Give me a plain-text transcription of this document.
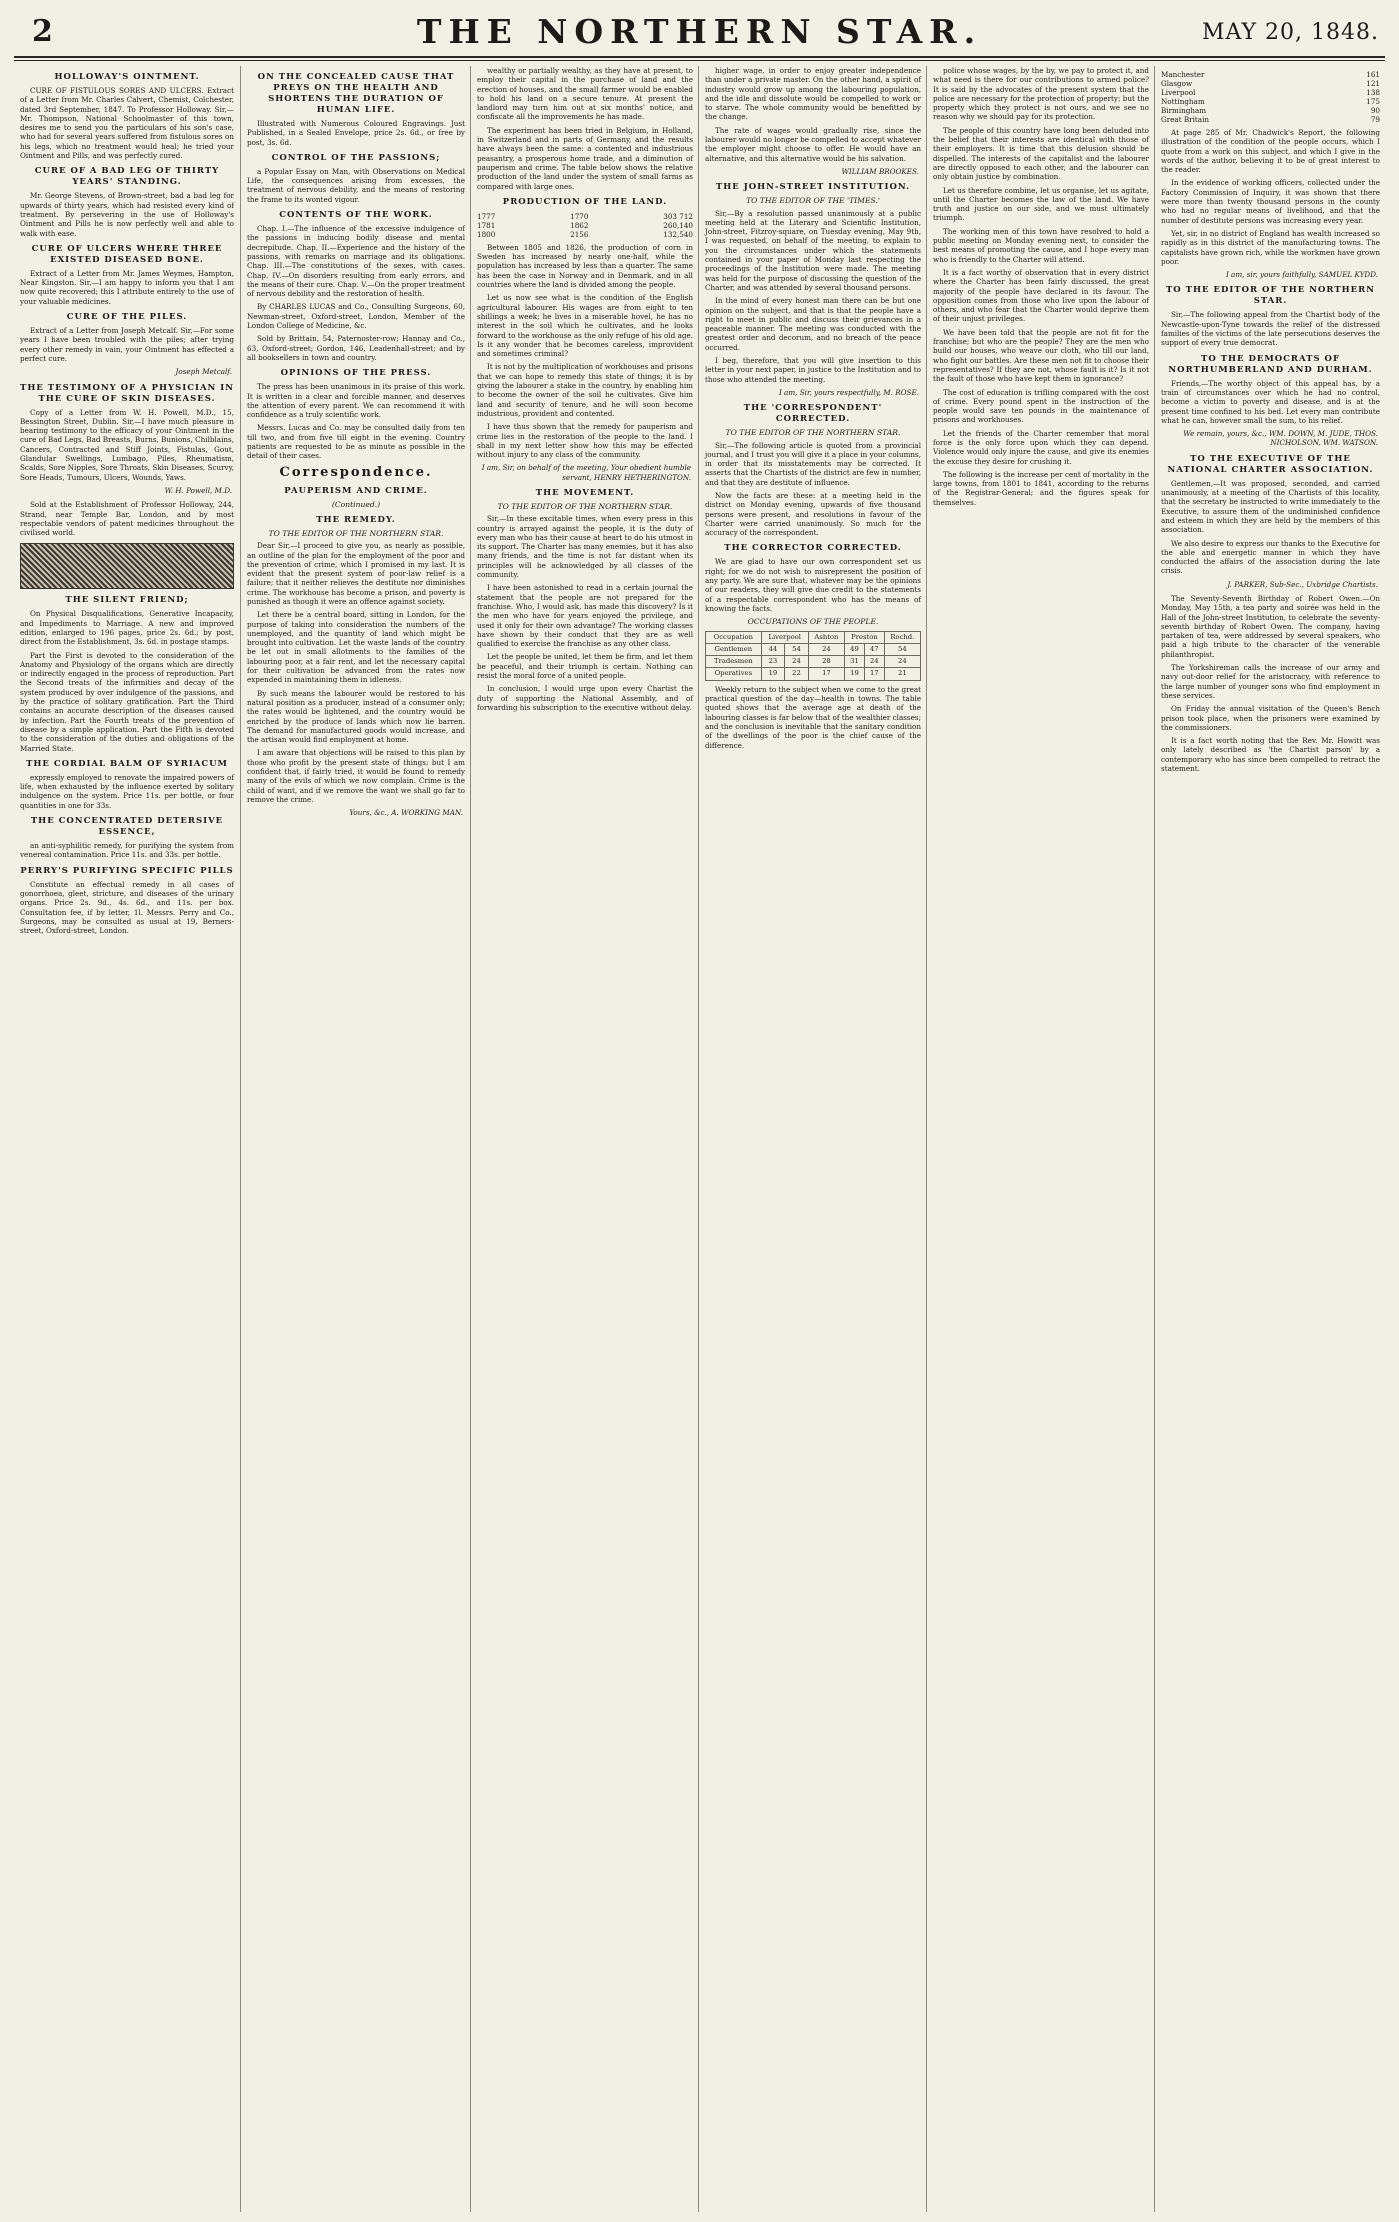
2	THE NORTHERN STAR.	MAY 20, 1848.
HOLLOWAY'S OINTMENT.

CURE OF FISTULOUS SORES AND ULCERS. Extract of a Letter from Mr. Charles Calvert, Chemist, Colchester, dated 3rd September, 1847. To Professor Holloway. Sir,—Mr. Thompson, National Schoolmaster of this town, desires me to send you the particulars of his son's case, who had for several years suffered from fistulous sores on his legs, which no treatment would heal; he tried your Ointment and Pills, and was perfectly cured.

CURE OF A BAD LEG OF THIRTY YEARS' STANDING.

Mr. George Stevens, of Brown-street, bad a bad leg for upwards of thirty years, which had resisted every kind of treatment. By persevering in the use of Holloway's Ointment and Pills he is now perfectly well and able to walk with ease.

CURE OF ULCERS WHERE THREE EXISTED DISEASED BONE.

Extract of a Letter from Mr. James Weymes, Hampton, Near Kingston. Sir,—I am happy to inform you that I am now quite recovered; this I attribute entirely to the use of your valuable medicines.

CURE OF THE PILES.

Extract of a Letter from Joseph Metcalf. Sir,—For some years I have been troubled with the piles; after trying every other remedy in vain, your Ointment has effected a perfect cure.

Joseph Metcalf.
THE TESTIMONY OF A PHYSICIAN IN THE CURE OF SKIN DISEASES.

Copy of a Letter from W. H. Powell, M.D., 15, Bessington Street, Dublin. Sir,—I have much pleasure in bearing testimony to the efficacy of your Ointment in the cure of Bad Legs, Bad Breasts, Burns, Bunions, Chilblains, Cancers, Contracted and Stiff Joints, Fistulas, Gout, Glandular Swellings, Lumbago, Piles, Rheumatism, Scalds, Sore Nipples, Sore Throats, Skin Diseases, Scurvy, Sore Heads, Tumours, Ulcers, Wounds, Yaws.

W. H. Powell, M.D.

Sold at the Establishment of Professor Holloway, 244, Strand, near Temple Bar, London, and by most respectable vendors of patent medicines throughout the civilised world.

THE SILENT FRIEND;

On Physical Disqualifications, Generative Incapacity, and Impediments to Marriage. A new and improved edition, enlarged to 196 pages, price 2s. 6d.; by post, direct from the Establishment, 3s. 6d. in postage stamps.

Part the First is devoted to the consideration of the Anatomy and Physiology of the organs which are directly or indirectly engaged in the process of reproduction. Part the Second treats of the infirmities and decay of the system produced by over indulgence of the passions, and by the practice of solitary gratification. Part the Third contains an accurate description of the diseases caused by infection. Part the Fourth treats of the prevention of disease by a simple application. Part the Fifth is devoted to the consideration of the duties and obligations of the Married State.

THE CORDIAL BALM OF SYRIACUM

expressly employed to renovate the impaired powers of life, when exhausted by the influence exerted by solitary indulgence on the system. Price 11s. per bottle, or four quantities in one for 33s.

THE CONCENTRATED DETERSIVE ESSENCE,

an anti-syphilitic remedy, for purifying the system from venereal contamination. Price 11s. and 33s. per bottle.

PERRY'S PURIFYING SPECIFIC PILLS

Constitute an effectual remedy in all cases of gonorrhoea, gleet, stricture, and diseases of the urinary organs. Price 2s. 9d., 4s. 6d., and 11s. per box. Consultation fee, if by letter, 1l. Messrs. Perry and Co., Surgeons, may be consulted as usual at 19, Berners-street, Oxford-street, London.

ON THE CONCEALED CAUSE THAT PREYS ON THE HEALTH AND SHORTENS THE DURATION OF HUMAN LIFE.

Illustrated with Numerous Coloured Engravings. Just Published, in a Sealed Envelope, price 2s. 6d., or free by post, 3s. 6d.

CONTROL OF THE PASSIONS;

a Popular Essay on Man, with Observations on Medical Life, the consequences arising from excesses, the treatment of nervous debility, and the means of restoring the frame to its wonted vigour.

CONTENTS OF THE WORK.

Chap. I.—The influence of the excessive indulgence of the passions in inducing bodily disease and mental decrepitude. Chap. II.—Experience and the history of the passions, with remarks on marriage and its obligations. Chap. III.—The constitutions of the sexes, with cases. Chap. IV.—On disorders resulting from early errors, and the means of their cure. Chap. V.—On the proper treatment of nervous debility and the restoration of health.

By CHARLES LUCAS and Co., Consulting Surgeons, 60, Newman-street, Oxford-street, London, Member of the London College of Medicine, &c.

Sold by Brittain, 54, Paternoster-row; Hannay and Co., 63, Oxford-street; Gordon, 146, Leadenhall-street; and by all booksellers in town and country.

OPINIONS OF THE PRESS.

The press has been unanimous in its praise of this work. It is written in a clear and forcible manner, and deserves the attention of every parent. We can recommend it with confidence as a truly scientific work.

Messrs. Lucas and Co. may be consulted daily from ten till two, and from five till eight in the evening. Country patients are requested to be as minute as possible in the detail of their cases.

Correspondence.
PAUPERISM AND CRIME.
(Continued.)
THE REMEDY.
TO THE EDITOR OF THE NORTHERN STAR.

Dear Sir,—I proceed to give you, as nearly as possible, an outline of the plan for the employment of the poor and the prevention of crime, which I promised in my last. It is evident that the present system of poor-law relief is a failure; that it neither relieves the destitute nor diminishes crime. The workhouse has become a prison, and poverty is punished as though it were an offence against society.

Let there be a central board, sitting in London, for the purpose of taking into consideration the numbers of the unemployed, and the quantity of land which might be brought into cultivation. Let the waste lands of the country be let out in small allotments to the families of the labouring poor, at a fair rent, and let the necessary capital for their cultivation be advanced from the rates now expended in maintaining them in idleness.

By such means the labourer would be restored to his natural position as a producer, instead of a consumer only; the rates would be lightened, and the country would be enriched by the produce of lands which now lie barren. The demand for manufactured goods would increase, and the artisan would find employment at home.

I am aware that objections will be raised to this plan by those who profit by the present state of things; but I am confident that, if fairly tried, it would be found to remedy many of the evils of which we now complain. Crime is the child of want, and if we remove the want we shall go far to remove the crime.

Yours, &c., A. WORKING MAN.

wealthy or partially wealthy, as they have at present, to employ their capital in the purchase of land and the erection of houses, and the small farmer would be enabled to hold his land on a secure tenure. At present the landlord may turn him out at six months' notice, and confiscate all the improvements he has made.

The experiment has been tried in Belgium, in Holland, in Switzerland and in parts of Germany, and the results have always been the same: a contented and industrious peasantry, a prosperous home trade, and a diminution of pauperism and crime. The table below shows the relative production of the land under the system of small farms as compared with large ones.

PRODUCTION OF THE LAND.
1777	1770	303 712
1781	1862	260,140
1800	2156	132,540

Between 1805 and 1826, the production of corn in Sweden has increased by nearly one-half, while the population has increased by less than a quarter. The same has been the case in Norway and in Denmark, and in all countries where the land is divided among the people.

Let us now see what is the condition of the English agricultural labourer. His wages are from eight to ten shillings a week; he lives in a miserable hovel, he has no interest in the soil which he cultivates, and he looks forward to the workhouse as the only refuge of his old age. Is it any wonder that he becomes careless, improvident and sometimes criminal?

It is not by the multiplication of workhouses and prisons that we can hope to remedy this state of things; it is by giving the labourer a stake in the country, by enabling him to become the owner of the soil he cultivates. Give him land and security of tenure, and he will soon become industrious, provident and contented.

I have thus shown that the remedy for pauperism and crime lies in the restoration of the people to the land. I shall in my next letter show how this may be effected without injury to any class of the community.

I am, Sir, on behalf of the meeting, Your obedient humble servant, HENRY HETHERINGTON.
THE MOVEMENT.
TO THE EDITOR OF THE NORTHERN STAR.

Sir,—In these excitable times, when every press in this country is arrayed against the people, it is the duty of every man who has their cause at heart to do his utmost in its support. The Charter has many enemies, but it has also many friends, and the time is not far distant when its principles will be acknowledged by all classes of the community.

I have been astonished to read in a certain journal the statement that the people are not prepared for the franchise. Who, I would ask, has made this discovery? Is it the men who have for years enjoyed the privilege, and used it only for their own advantage? The working classes have shown by their conduct that they are as well qualified to exercise the franchise as any other class.

Let the people be united, let them be firm, and let them be peaceful, and their triumph is certain. Nothing can resist the moral force of a united people.

In conclusion, I would urge upon every Chartist the duty of supporting the National Assembly, and of forwarding his subscription to the executive without delay.

higher wage, in order to enjoy greater independence than under a private master. On the other hand, a spirit of industry would grow up among the labouring population, and the idle and dissolute would be compelled to work or to starve. The whole community would be benefitted by the change.

The rate of wages would gradually rise, since the labourer would no longer be compelled to accept whatever the employer might choose to offer. He would have an alternative, and this alternative would be his salvation.

WILLIAM BROOKES.
THE JOHN-STREET INSTITUTION.
TO THE EDITOR OF THE 'TIMES.'

Sir,—By a resolution passed unanimously at a public meeting held at the Literary and Scientific Institution, John-street, Fitzroy-square, on Tuesday evening, May 9th, I was requested, on behalf of the meeting, to explain to you the circumstances under which the statements contained in your paper of Monday last respecting the proceedings of the Institution were made. The meeting was held for the purpose of discussing the question of the Charter, and was attended by several thousand persons.

In the mind of every honest man there can be but one opinion on the subject, and that is that the people have a right to meet in public and discuss their grievances in a peaceable manner. The meeting was conducted with the greatest order and decorum, and no breach of the peace occurred.

I beg, therefore, that you will give insertion to this letter in your next paper, in justice to the Institution and to those who attended the meeting.

I am, Sir, yours respectfully, M. ROSE.
THE 'CORRESPONDENT' CORRECTED.
TO THE EDITOR OF THE NORTHERN STAR.

Sir,—The following article is quoted from a provincial journal, and I trust you will give it a place in your columns, in order that its misstatements may be corrected. It asserts that the Chartists of the district are few in number, and that they are destitute of influence.

Now the facts are these: at a meeting held in the district on Monday evening, upwards of five thousand persons were present, and resolutions in favour of the Charter were carried unanimously. So much for the accuracy of the correspondent.

THE CORRECTOR CORRECTED.

We are glad to have our own correspondent set us right; for we do not wish to misrepresent the position of any party. We are sure that, whatever may be the opinions of our readers, they will give due credit to the statements of a respectable correspondent who has the means of knowing the facts.

OCCUPATIONS OF THE PEOPLE.
Occupation	Liverpool		Ashton	Preston		Rochd.
Gentlemen	44	54	24	49	47	54
Tradesmen	23	24	28	31	24	24
Operatives	19	22	17	19	17	21

Weekly return to the subject when we come to the great practical question of the day—health in towns. The table quoted shows that the average age at death of the labouring classes is far below that of the wealthier classes; and the conclusion is inevitable that the sanitary condition of the dwellings of the poor is the chief cause of the difference.

police whose wages, by the by, we pay to protect it, and what need is there for our contributions to armed police? It is said by the advocates of the present system that the police are necessary for the protection of property; but the property which they protect is not ours, and we see no reason why we should pay for its protection.

The people of this country have long been deluded into the belief that their interests are identical with those of their employers. It is time that this delusion should be dispelled. The interests of the capitalist and the labourer are directly opposed to each other, and the labourer can only obtain justice by combination.

Let us therefore combine, let us organise, let us agitate, until the Charter becomes the law of the land. We have truth and justice on our side, and we must ultimately triumph.

The working men of this town have resolved to hold a public meeting on Monday evening next, to consider the best means of promoting the cause, and I hope every man who is friendly to the Charter will attend.

It is a fact worthy of observation that in every district where the Charter has been fairly discussed, the great majority of the people have declared in its favour. The opposition comes from those who live upon the labour of others, and who fear that the Charter would deprive them of their unjust privileges.

We have been told that the people are not fit for the franchise; but who are the people? They are the men who build our houses, who weave our cloth, who till our land, who fight our battles. Are these men not fit to choose their representatives? If they are not, whose fault is it? Is it not the fault of those who have kept them in ignorance?

The cost of education is trifling compared with the cost of crime. Every pound spent in the instruction of the people would save ten pounds in the maintenance of prisons and workhouses.

Let the friends of the Charter remember that moral force is the only force upon which they can depend. Violence would only injure the cause, and give its enemies the excuse they desire for crushing it.

The following is the increase per cent of mortality in the large towns, from 1801 to 1841, according to the returns of the Registrar-General; and the figures speak for themselves.

Manchester	161
Glasgow	121
Liverpool	138
Nottingham	175
Birmingham	90
Great Britain	79

At page 285 of Mr. Chadwick's Report, the following illustration of the condition of the people occurs, which I quote from a work on this subject, and which I give in the words of the author, believing it to be of great interest to the reader.

In the evidence of working officers, collected under the Factory Commission of Inquiry, it was shown that there were more than twenty thousand persons in the county who had no regular means of livelihood, and that the number of destitute persons was increasing every year.

Yet, sir, in no district of England has wealth increased so rapidly as in this district of the manufacturing towns. The capitalists have grown rich, while the workmen have grown poor.

I am, sir, yours faithfully, SAMUEL KYDD.
TO THE EDITOR OF THE NORTHERN STAR.

Sir,—The following appeal from the Chartist body of the Newcastle-upon-Tyne towards the relief of the distressed families of the victims of the late persecutions deserves the support of every true democrat.

TO THE DEMOCRATS OF NORTHUMBERLAND AND DURHAM.

Friends,—The worthy object of this appeal has, by a train of circumstances over which he had no control, become a victim to poverty and disease, and is at the present time confined to his bed. Let every man contribute what he can, however small the sum, to his relief.

We remain, yours, &c., WM. DOWN, M. JUDE, THOS. NICHOLSON, WM. WATSON.
TO THE EXECUTIVE OF THE NATIONAL CHARTER ASSOCIATION.

Gentlemen,—It was proposed, seconded, and carried unanimously, at a meeting of the Chartists of this locality, that the secretary be instructed to write immediately to the Executive, to assure them of the undiminished confidence and esteem in which they are held by the members of this association.

We also desire to express our thanks to the Executive for the able and energetic manner in which they have conducted the affairs of the association during the late crisis.

J. PARKER, Sub-Sec., Uxbridge Chartists.

The Seventy-Seventh Birthday of Robert Owen.—On Monday, May 15th, a tea party and soirée was held in the Hall of the John-street Institution, to celebrate the seventy-seventh birthday of Robert Owen. The company, having partaken of tea, were addressed by several speakers, who paid a high tribute to the character of the venerable philanthropist.

The Yorkshireman calls the increase of our army and navy out-door relief for the aristocracy, with reference to the large number of younger sons who find employment in these services.

On Friday the annual visitation of the Queen's Bench prison took place, when the prisoners were examined by the commissioners.

It is a fact worth noting that the Rev. Mr. Howitt was only lately described as 'the Chartist parson' by a contemporary who has since been compelled to retract the statement.
